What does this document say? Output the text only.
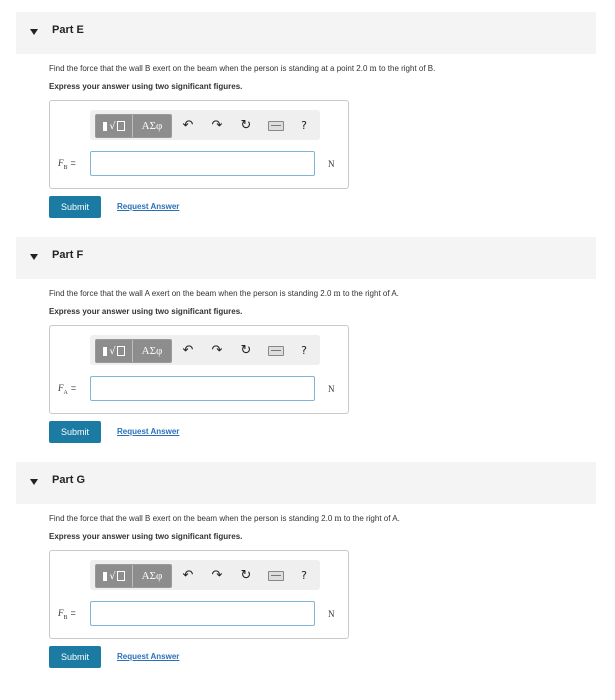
Part E
Find the force that the wall B exert on the beam when the person is standing at a point 2.0 m to the right of B.
Express your answer using two significant figures.
√	ΑΣφ	↶ ↷ ↻	?
$F_B$ =	N
Submit	Request Answer
Part F
Find the force that the wall A exert on the beam when the person is standing 2.0 m to the right of A.
Express your answer using two significant figures.
√	ΑΣφ	↶ ↷ ↻	?
$F_A$ =	N
Submit	Request Answer
Part G
Find the force that the wall B exert on the beam when the person is standing 2.0 m to the right of A.
Express your answer using two significant figures.
√	ΑΣφ	↶ ↷ ↻	?
$F_B$ =	N
Submit	Request Answer
